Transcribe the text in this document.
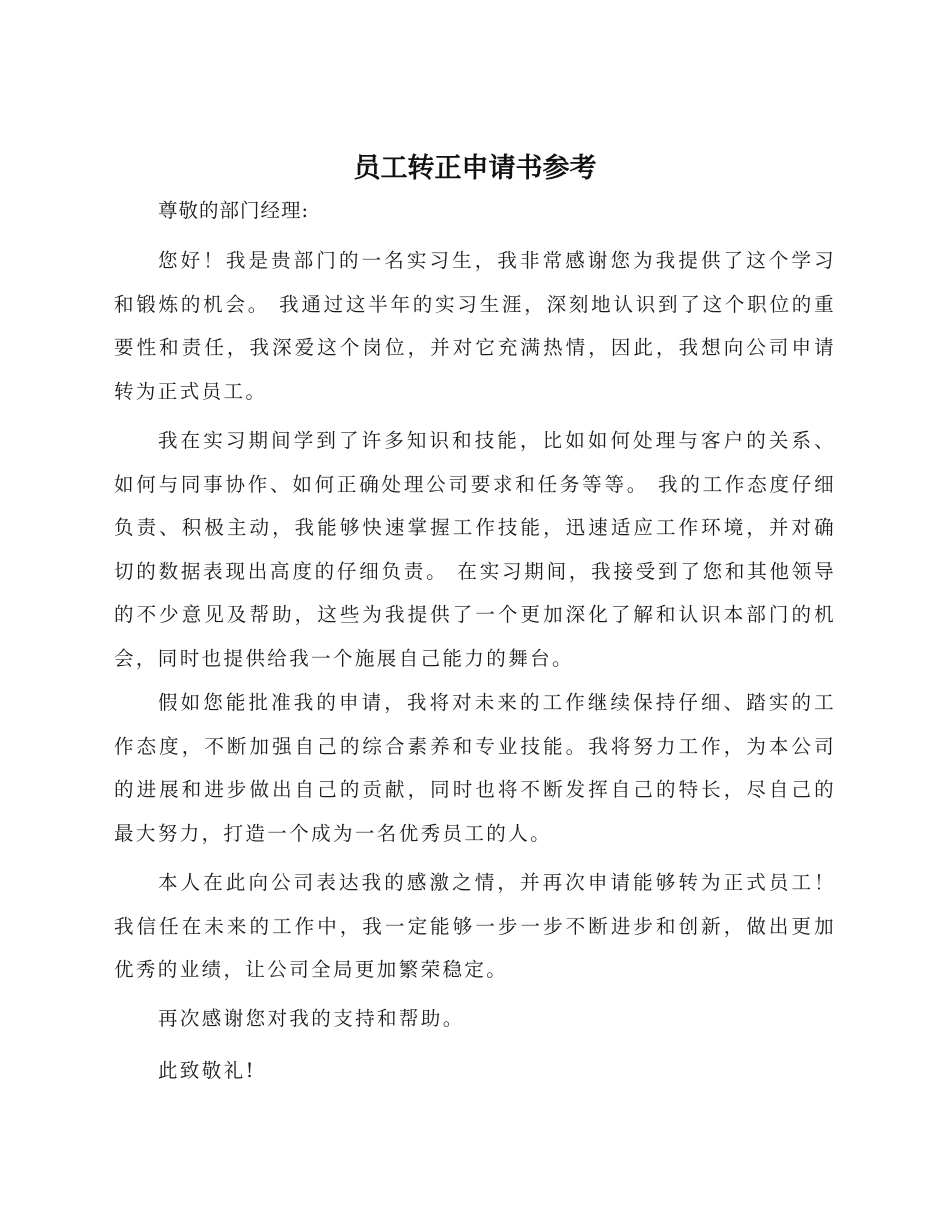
员工转正申请书参考
尊敬的部门经理:

您好！我是贵部门的一名实习生，我非常感谢您为我提供了这个学习和锻炼的机会。 我通过这半年的实习生涯，深刻地认识到了这个职位的重要性和责任，我深爱这个岗位，并对它充满热情，因此，我想向公司申请转为正式员工。

我在实习期间学到了许多知识和技能，比如如何处理与客户的关系、如何与同事协作、如何正确处理公司要求和任务等等。 我的工作态度仔细负责、积极主动，我能够快速掌握工作技能，迅速适应工作环境，并对确切的数据表现出高度的仔细负责。 在实习期间，我接受到了您和其他领导的不少意见及帮助，这些为我提供了一个更加深化了解和认识本部门的机会，同时也提供给我一个施展自己能力的舞台。

假如您能批准我的申请，我将对未来的工作继续保持仔细、踏实的工作态度，不断加强自己的综合素养和专业技能。我将努力工作，为本公司的进展和进步做出自己的贡献，同时也将不断发挥自己的特长，尽自己的最大努力，打造一个成为一名优秀员工的人。

本人在此向公司表达我的感激之情，并再次申请能够转为正式员工！我信任在未来的工作中，我一定能够一步一步不断进步和创新，做出更加优秀的业绩，让公司全局更加繁荣稳定。

再次感谢您对我的支持和帮助。
此致敬礼!
